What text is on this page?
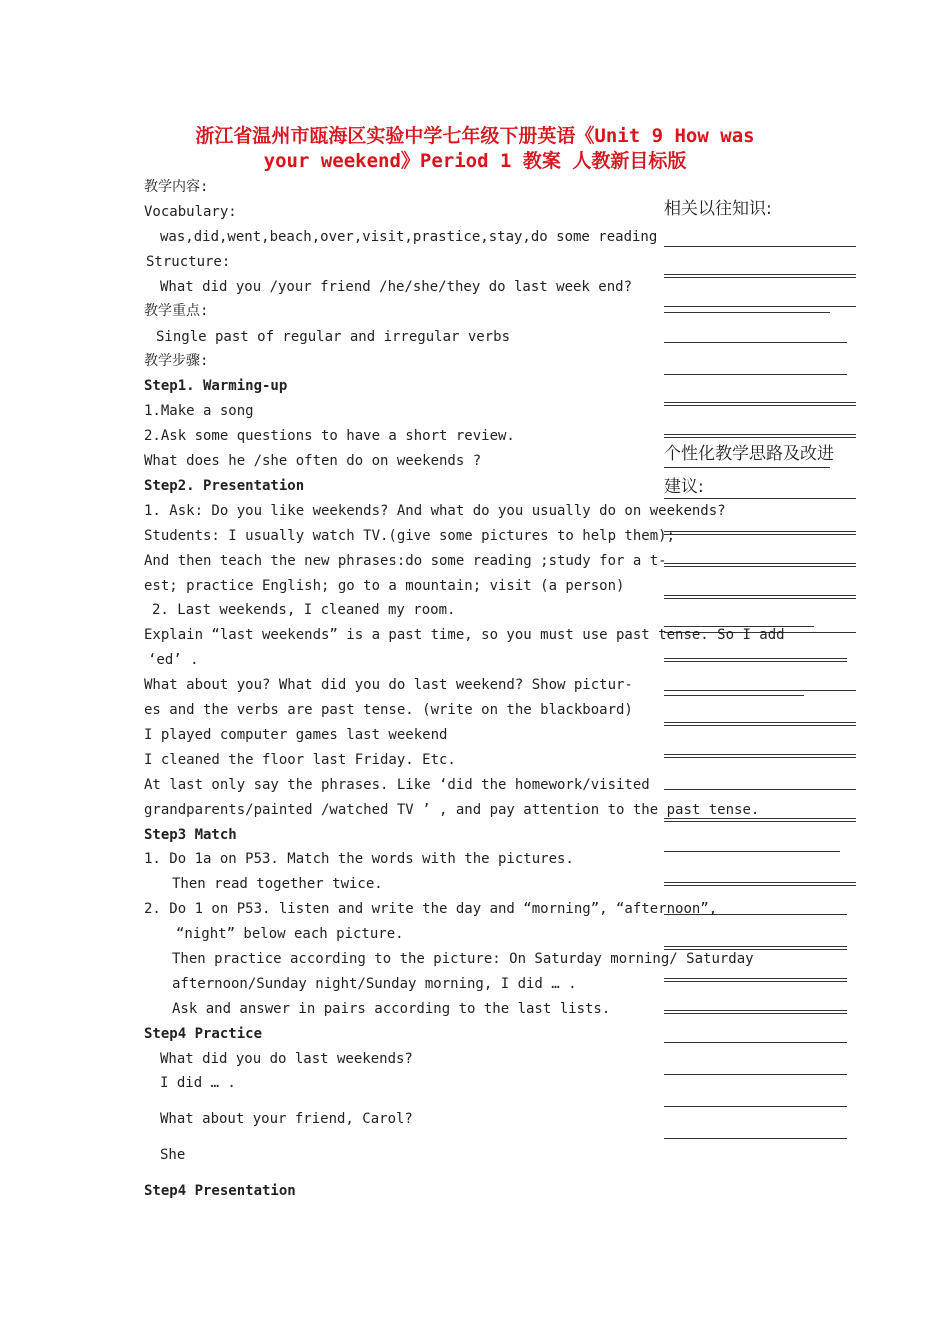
浙江省温州市瓯海区实验中学七年级下册英语《Unit 9 How was
your weekend》Period 1 教案 人教新目标版
相关以往知识:
个性化教学思路及改进
建议:
教学内容:
Vocabulary:
was,did,went,beach,over,visit,prastice,stay,do some reading
Structure:
What did you /your friend /he/she/they do last week end?
教学重点:
Single past of regular and irregular verbs
教学步骤:
Step1. Warming-up
1.Make a song
2.Ask some questions to have a short review.
What does he /she often do on weekends ?
Step2. Presentation
1. Ask: Do you like weekends? And what do you usually do on weekends?
Students: I usually watch TV.(give some pictures to help them);
And then teach the new phrases:do some reading ;study for a t-
est; practice English; go to a mountain; visit (a person)
2. Last weekends, I cleaned my room.
Explain “last weekends” is a past time, so you must use past tense. So I add
‘ed’ .
What about you? What did you do last weekend? Show pictur-
es and the verbs are past tense. (write on the blackboard)
I played computer games last weekend
I cleaned the floor last Friday. Etc.
At last only say the phrases. Like ‘did the homework/visited
grandparents/painted /watched TV ’ , and pay attention to the past tense.
Step3 Match
1. Do 1a on P53. Match the words with the pictures.
Then read together twice.
2. Do 1 on P53. listen and write the day and “morning”, “afternoon”,
“night” below each picture.
Then practice according to the picture: On Saturday morning/ Saturday
afternoon/Sunday night/Sunday morning, I did … .
Ask and answer in pairs according to the last lists.
Step4 Practice
What did you do last weekends?
I did … .
What about your friend, Carol?
She
Step4 Presentation
